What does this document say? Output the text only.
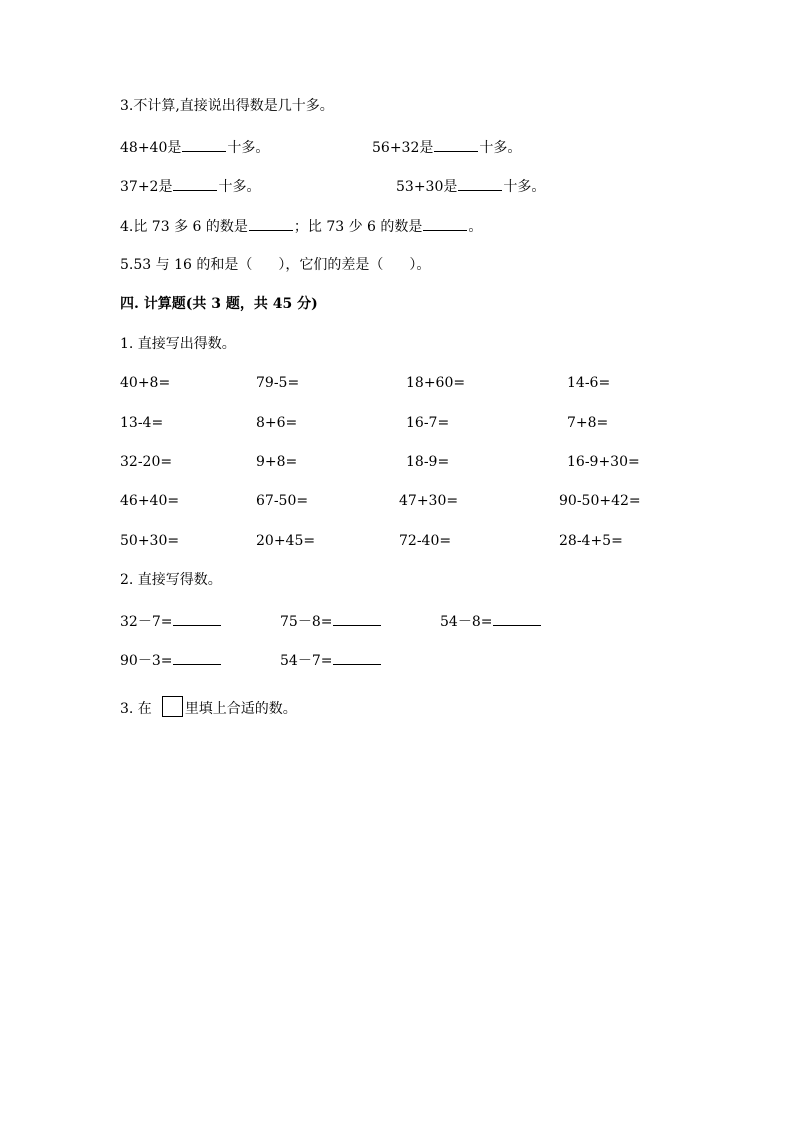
3.不计算,直接说出得数是几十多。
48+40是	十多。	56+32是	十多。
37+2是	十多。	53+30是	十多。
4.比 73 多 6 的数是	；比 73 少 6 的数是	。
5.53 与 16 的和是（ ），它们的差是（ ）。
四. 计算题(共 3 题，共 45 分)
1. 直接写出得数。
40+8=	79-5=	18+60=	14-6=
13-4=	8+6=	16-7=	7+8=
32-20=	9+8=	18-9=	16-9+30=
46+40=	67-50=	47+30=	90-50+42=
50+30=	20+45=	72-40=	28-4+5=
2. 直接写得数。
32－7=	75－8=	54－8=
90－3=	54－7=
3. 在 里填上合适的数。
